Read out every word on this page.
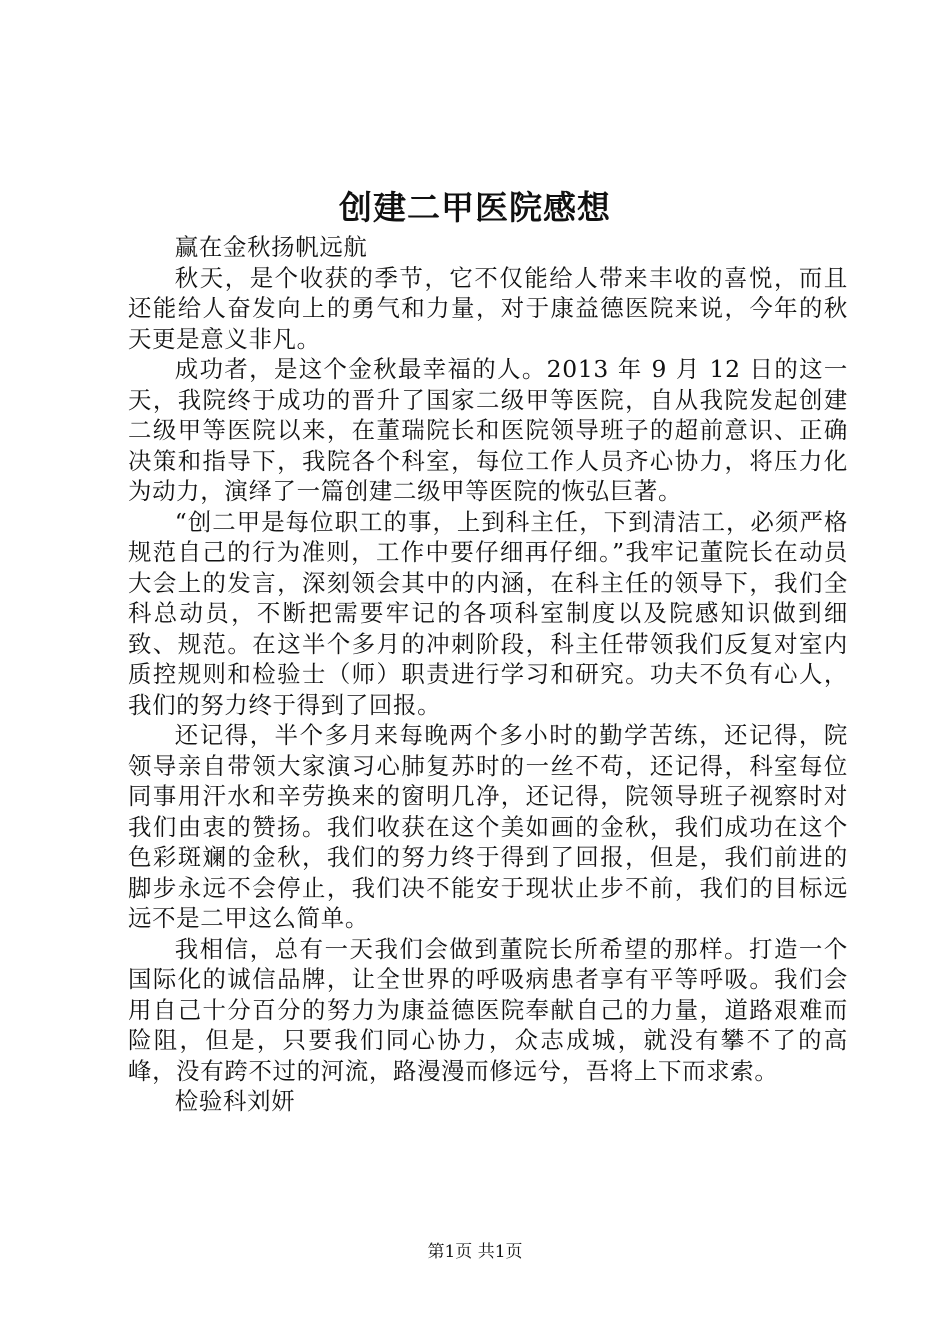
创建二甲医院感想

赢在金秋扬帆远航

秋天，是个收获的季节，它不仅能给人带来丰收的喜悦，而且还能给人奋发向上的勇气和力量，对于康益德医院来说，今年的秋天更是意义非凡。

成功者，是这个金秋最幸福的人。2013 年 9 月 12 日的这一天，我院终于成功的晋升了国家二级甲等医院，自从我院发起创建二级甲等医院以来，在董瑞院长和医院领导班子的超前意识、正确决策和指导下，我院各个科室，每位工作人员齐心协力，将压力化为动力，演绎了一篇创建二级甲等医院的恢弘巨著。

“创二甲是每位职工的事，上到科主任，下到清洁工，必须严格规范自己的行为准则，工作中要仔细再仔细。”我牢记董院长在动员大会上的发言，深刻领会其中的内涵，在科主任的领导下，我们全科总动员，不断把需要牢记的各项科室制度以及院感知识做到细致、规范。在这半个多月的冲刺阶段，科主任带领我们反复对室内质控规则和检验士（师）职责进行学习和研究。功夫不负有心人，我们的努力终于得到了回报。

还记得，半个多月来每晚两个多小时的勤学苦练，还记得，院领导亲自带领大家演习心肺复苏时的一丝不苟，还记得，科室每位同事用汗水和辛劳换来的窗明几净，还记得，院领导班子视察时对我们由衷的赞扬。我们收获在这个美如画的金秋，我们成功在这个色彩斑斓的金秋，我们的努力终于得到了回报，但是，我们前进的脚步永远不会停止，我们决不能安于现状止步不前，我们的目标远远不是二甲这么简单。

我相信，总有一天我们会做到董院长所希望的那样。打造一个国际化的诚信品牌，让全世界的呼吸病患者享有平等呼吸。我们会用自己十分百分的努力为康益德医院奉献自己的力量，道路艰难而险阻，但是，只要我们同心协力，众志成城，就没有攀不了的高峰，没有跨不过的河流，路漫漫而修远兮，吾将上下而求索。

检验科刘妍

第1页 共1页
